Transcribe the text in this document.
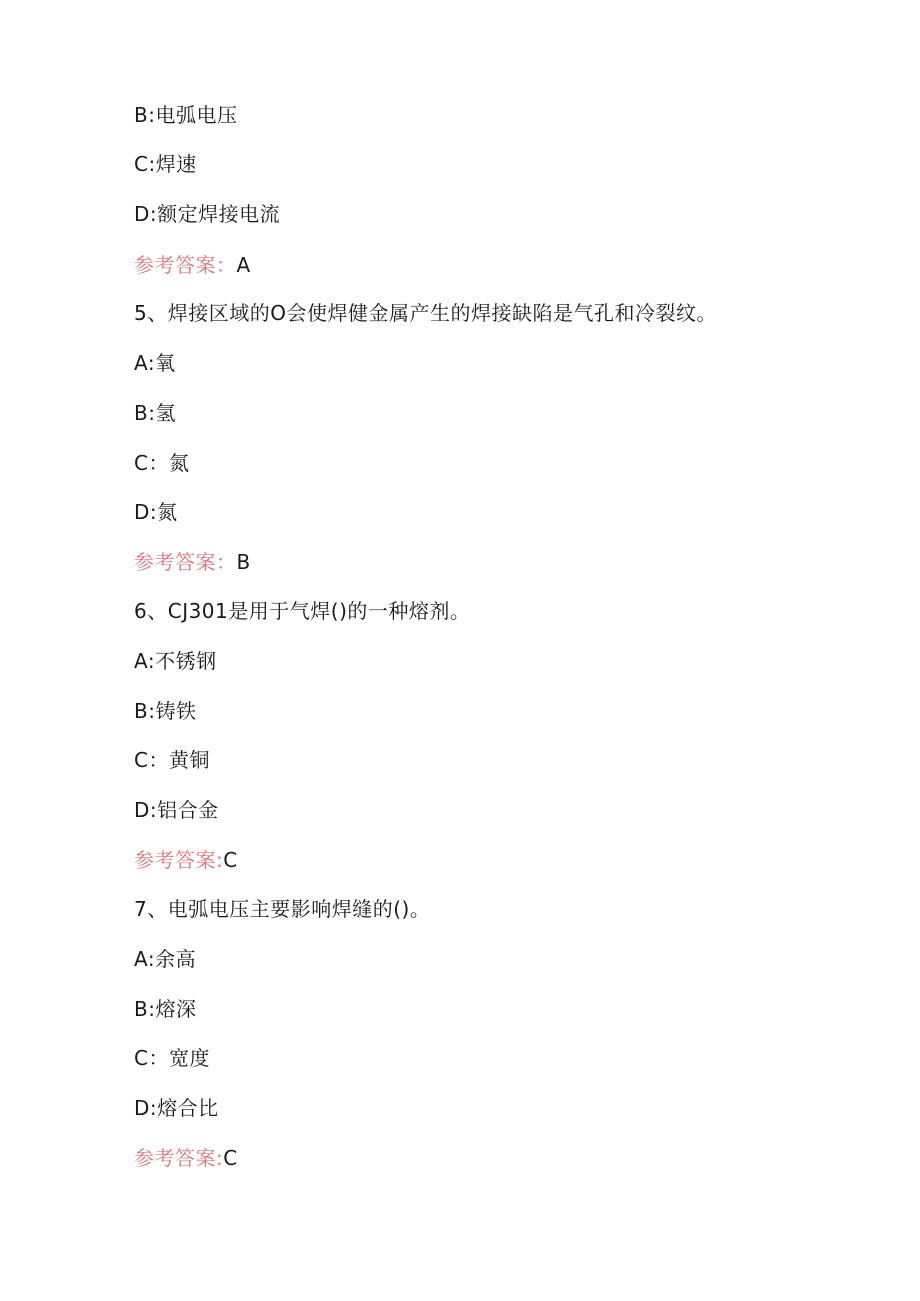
B:电弧电压
C:焊速
D:额定焊接电流
参考答案：A
5、焊接区域的O会使焊健金属产生的焊接缺陷是气孔和冷裂纹。
A:氧
B:氢
C：氮
D:氮
参考答案：B
6、CJ301是用于气焊()的一种熔剂。
A:不锈钢
B:铸铁
C：黄铜
D:铝合金
参考答案:C
7、电弧电压主要影响焊缝的()。
A:余高
B:熔深
C：宽度
D:熔合比
参考答案:C
